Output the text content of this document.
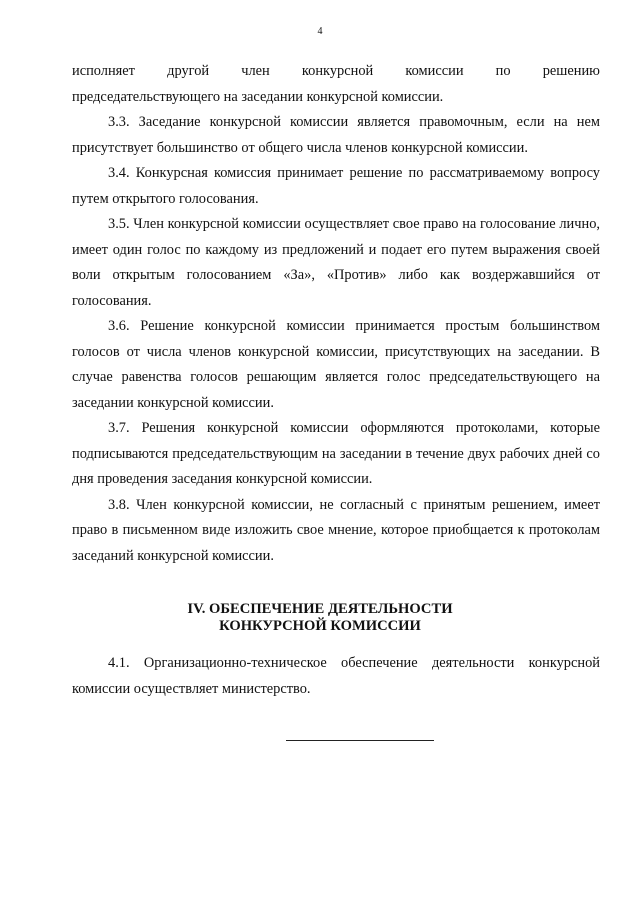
4
исполняет другой член конкурсной комиссии по решению

председательствующего на заседании конкурсной комиссии.

3.3. Заседание конкурсной комиссии является правомочным, если на нем присутствует большинство от общего числа членов конкурсной комиссии.

3.4. Конкурсная комиссия принимает решение по рассматриваемому вопросу путем открытого голосования.

3.5. Член конкурсной комиссии осуществляет свое право на голосование лично, имеет один голос по каждому из предложений и подает его путем выражения своей воли открытым голосованием «За», «Против» либо как воздержавшийся от голосования.

3.6. Решение конкурсной комиссии принимается простым большинством голосов от числа членов конкурсной комиссии, присутствующих на заседании. В случае равенства голосов решающим является голос председательствующего на заседании конкурсной комиссии.

3.7. Решения конкурсной комиссии оформляются протоколами, которые подписываются председательствующим на заседании в течение двух рабочих дней со дня проведения заседания конкурсной комиссии.

3.8. Член конкурсной комиссии, не согласный с принятым решением, имеет право в письменном виде изложить свое мнение, которое приобщается к протоколам заседаний конкурсной комиссии.

IV. ОБЕСПЕЧЕНИЕ ДЕЯТЕЛЬНОСТИ
КОНКУРСНОЙ КОМИССИИ

4.1. Организационно-техническое обеспечение деятельности конкурсной комиссии осуществляет министерство.
